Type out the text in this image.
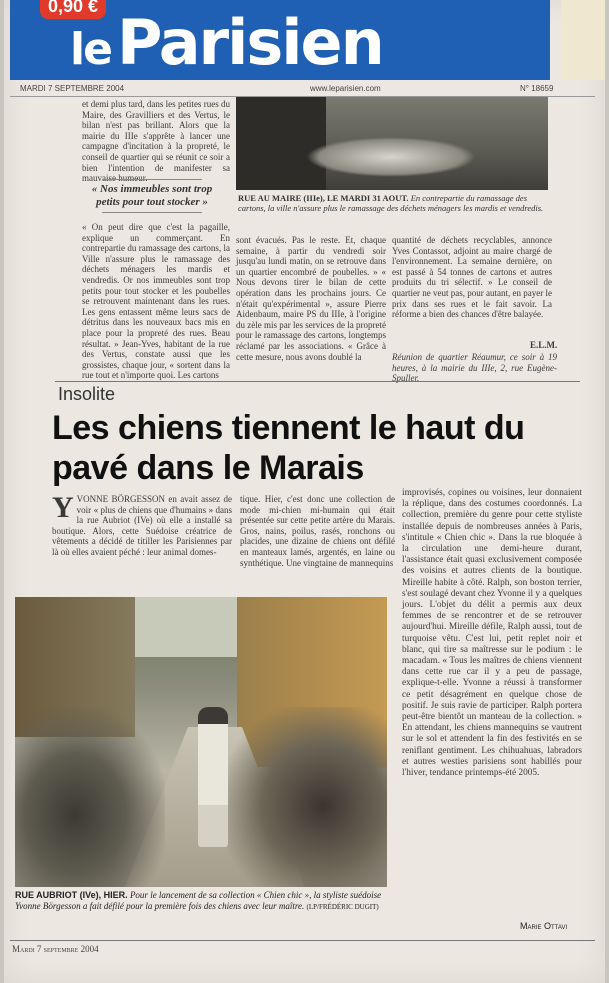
0,90 €
leParisien
MARDI 7 SEPTEMBRE 2004	www.leparisien.com	N° 18659
et demi plus tard, dans les petites rues du Maire, des Gravilliers et des Vertus, le bilan n'est pas brillant. Alors que la mairie du IIIe s'apprête à lancer une campagne d'incitation à la propreté, le conseil de quartier qui se réunit ce soir a bien l'intention de manifester sa mauvaise humeur.
« Nos immeubles sont trop petits pour tout stocker »
« On peut dire que c'est la pagaille, explique un commerçant. En contrepartie du ramassage des cartons, la Ville n'assure plus le ramassage des déchets ménagers les mardis et vendredis. Or nos immeubles sont trop petits pour tout stocker et les poubelles se retrouvent maintenant dans les rues. Les gens entassent même leurs sacs de détritus dans les nouveaux bacs mis en place pour la propreté des rues. Beau résultat. » Jean-Yves, habitant de la rue des Vertus, constate aussi que les grossistes, chaque jour, « sortent dans la rue tout et n'importe quoi. Les cartons
RUE AU MAIRE (IIIe), LE MARDI 31 AOUT. En contrepartie du ramassage des cartons, la ville n'assure plus le ramassage des déchets ménagers les mardis et vendredis.
sont évacués. Pas le reste. Et, chaque semaine, à partir du vendredi soir jusqu'au lundi matin, on se retrouve dans un quartier encombré de poubelles. » « Nous devons tirer le bilan de cette opération dans les prochains jours. Ce n'était qu'expérimental », assure Pierre Aidenbaum, maire PS du IIIe, à l'origine du zèle mis par les services de la propreté pour le ramassage des cartons, longtemps réclamé par les associations. « Grâce à cette mesure, nous avons doublé la
quantité de déchets recyclables, annonce Yves Contassot, adjoint au maire chargé de l'environnement. La semaine dernière, on est passé à 54 tonnes de cartons et autres produits du tri sélectif. » Le conseil de quartier ne veut pas, pour autant, en payer le prix dans ses rues et le fait savoir. La réforme a bien des chances d'être balayée.
E.L.M.
Réunion de quartier Réaumur, ce soir à 19 heures, à la mairie du IIIe, 2, rue Eugène-Spuller.
Insolite
Les chiens tiennent le haut du pavé dans le Marais
YVONNE BÖRGESSON en avait assez de voir « plus de chiens que d'humains » dans la rue Aubriot (IVe) où elle a installé sa boutique. Alors, cette Suédoise créatrice de vêtements a décidé de titiller les Parisiennes par là où elles avaient péché : leur animal domes-
tique. Hier, c'est donc une collection de mode mi-chien mi-humain qui était présentée sur cette petite artère du Marais. Gros, nains, poilus, rasés, ronchons ou placides, une dizaine de chiens ont défilé en manteaux lamés, argentés, en laine ou synthétique. Une vingtaine de mannequins
improvisés, copines ou voisines, leur donnaient la réplique, dans des costumes coordonnés. La collection, première du genre pour cette styliste installée depuis de nombreuses années à Paris, s'intitule « Chien chic ». Dans la rue bloquée à la circulation une demi-heure durant, l'assistance était quasi exclusivement composée des voisins et autres clients de la boutique. Mireille habite à côté. Ralph, son boston terrier, s'est soulagé devant chez Yvonne il y a quelques jours. L'objet du délit a permis aux deux femmes de se rencontrer et de se retrouver aujourd'hui. Mireille défile, Ralph aussi, tout de turquoise vêtu. C'est lui, petit replet noir et blanc, qui tire sa maîtresse sur le podium : le macadam. « Tous les maîtres de chiens viennent dans cette rue car il y a peu de passage, explique-t-elle. Yvonne a réussi à transformer ce petit désagrément en quelque chose de positif. Je suis ravie de participer. Ralph portera peut-être bientôt un manteau de la collection. » En attendant, les chiens mannequins se vautrent sur le sol et attendent la fin des festivités en se reniflant gentiment. Les chihuahuas, labradors et autres westies parisiens sont habillés pour l'hiver, tendance printemps-été 2005.
RUE AUBRIOT (IVe), HIER. Pour le lancement de sa collection « Chien chic », la styliste suédoise Yvonne Börgesson a fait défilé pour la première fois des chiens avec leur maître. (LP/FRÉDÉRIC DUGIT)
Marie Ottavi
Mardi 7 septembre 2004
